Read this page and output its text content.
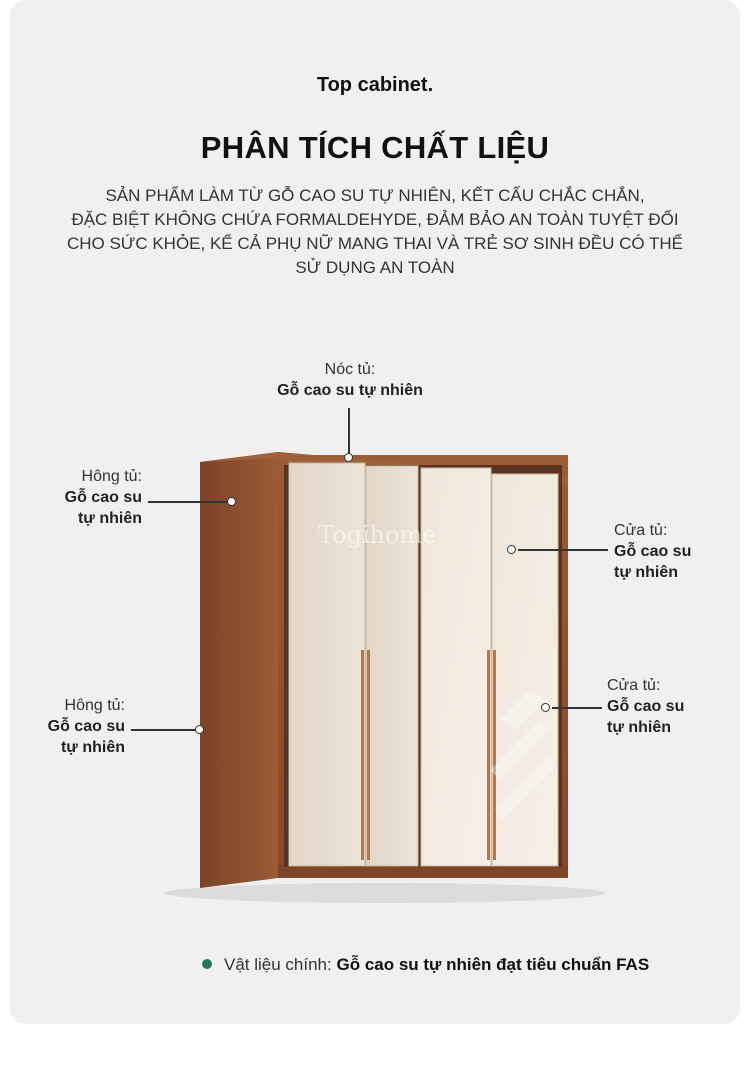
Top cabinet.
PHÂN TÍCH CHẤT LIỆU
SẢN PHẨM LÀM TỪ GỖ CAO SU TỰ NHIÊN, KẾT CẤU CHẮC CHẮN,
ĐẶC BIỆT KHÔNG CHỨA FORMALDEHYDE, ĐẢM BẢO AN TOÀN TUYỆT ĐỐI
CHO SỨC KHỎE, KỂ CẢ PHỤ NỮ MANG THAI VÀ TRẺ SƠ SINH ĐỀU CÓ THỂ
SỬ DỤNG AN TOÀN
Togihome
Nóc tủ:
Gỗ cao su tự nhiên
Hông tủ:
Gỗ cao su
tự nhiên
Hông tủ:
Gỗ cao su
tự nhiên
Cửa tủ:
Gỗ cao su
tự nhiên
Cửa tủ:
Gỗ cao su
tự nhiên
Vật liệu chính: Gỗ cao su tự nhiên đạt tiêu chuẩn FAS
